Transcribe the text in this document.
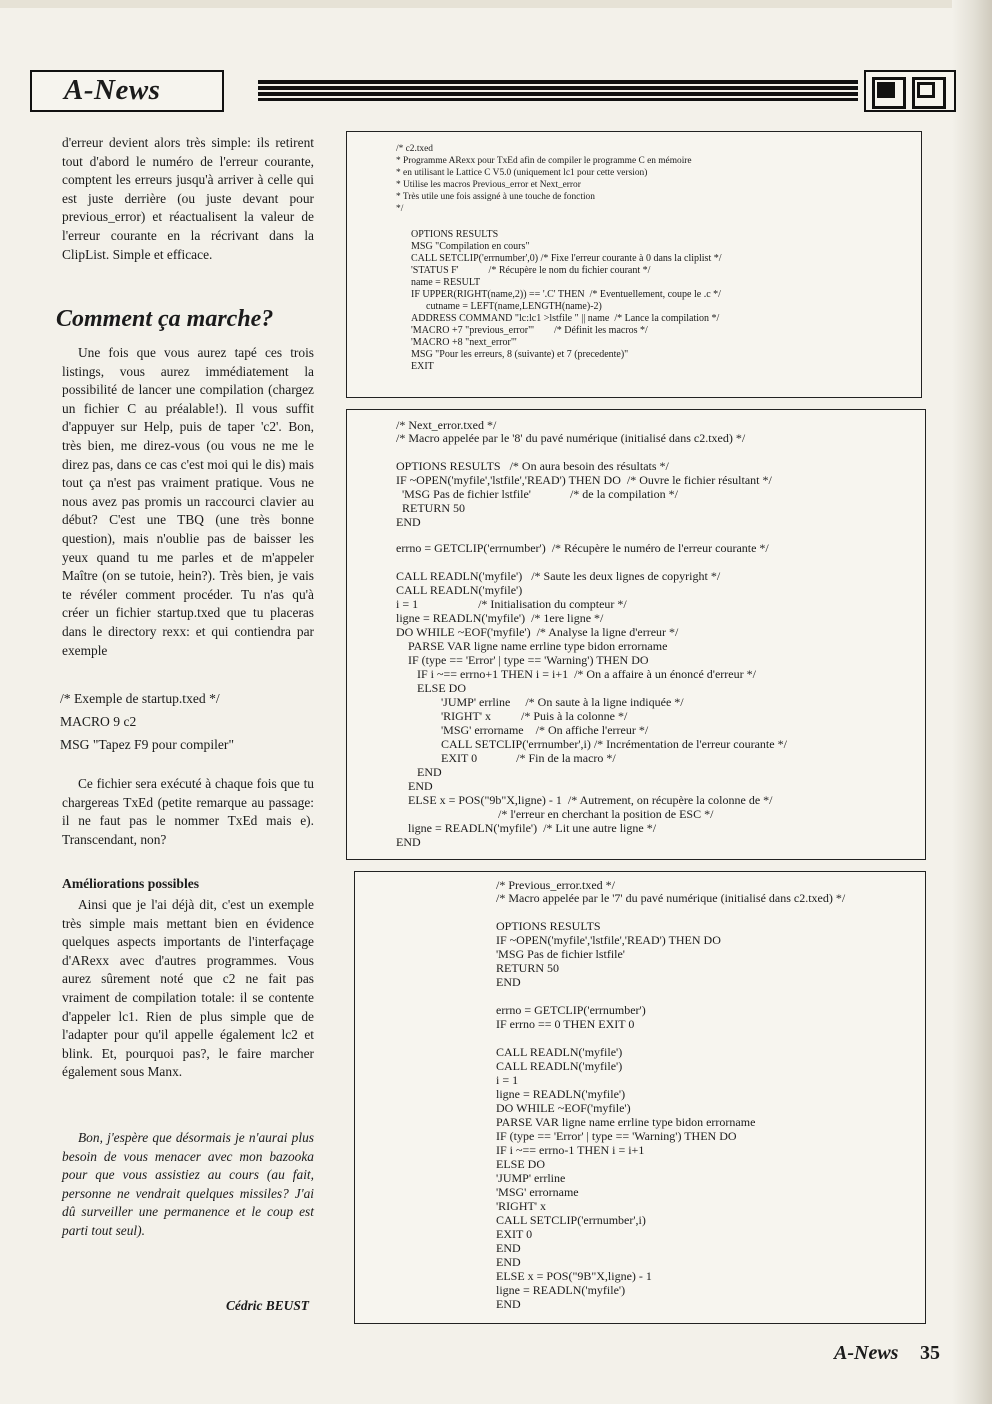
A-News

d'erreur devient alors très simple: ils retirent tout d'abord le numéro de l'erreur courante, comptent les erreurs jusqu'à arriver à celle qui est juste derrière (ou juste devant pour previous_error) et réactualisent la valeur de l'erreur courante en la récrivant dans la ClipList. Simple et efficace.

Comment ça marche?

Une fois que vous aurez tapé ces trois listings, vous aurez immédiatement la possibilité de lancer une compilation (chargez un fichier C au préalable!). Il vous suffit d'appuyer sur Help, puis de taper 'c2'. Bon, très bien, me direz-vous (ou vous ne me le direz pas, dans ce cas c'est moi qui le dis) mais tout ça n'est pas vraiment pratique. Vous ne nous avez pas promis un raccourci clavier au début? C'est une TBQ (une très bonne question), mais n'oublie pas de baisser les yeux quand tu me parles et de m'appeler Maître (on se tutoie, hein?). Très bien, je vais te révéler comment procéder. Tu n'as qu'à créer un fichier startup.txed que tu placeras dans le directory rexx: et qui contiendra par exemple

/* Exemple de startup.txed */
MACRO 9 c2
MSG "Tapez F9 pour compiler"

Ce fichier sera exécuté à chaque fois que tu chargereas TxEd (petite remarque au passage: il ne faut pas le nommer TxEd mais e). Transcendant, non?

Améliorations possibles

Ainsi que je l'ai déjà dit, c'est un exemple très simple mais mettant bien en évidence quelques aspects importants de l'interfaçage d'ARexx avec d'autres programmes. Vous aurez sûrement noté que c2 ne fait pas vraiment de compilation totale: il se contente d'appeler lc1. Rien de plus simple que de l'adapter pour qu'il appelle également lc2 et blink. Et, pourquoi pas?, le faire marcher également sous Manx.

Bon, j'espère que désormais je n'aurai plus besoin de vous menacer avec mon bazooka pour que vous assistiez au cours (au fait, personne ne vendrait quelques missiles? J'ai dû surveiller une permanence et le coup est parti tout seul).

Cédric BEUST
/* c2.txed
* Programme ARexx pour TxEd afin de compiler le programme C en mémoire
* en utilisant le Lattice C V5.0 (uniquement lc1 pour cette version)
* Utilise les macros Previous_error et Next_error
* Très utile une fois assigné à une touche de fonction
*/
OPTIONS RESULTS
MSG "Compilation en cours"
CALL SETCLIP('errnumber',0) /* Fixe l'erreur courante à 0 dans la cliplist */
'STATUS F'            /* Récupère le nom du fichier courant */
name = RESULT
IF UPPER(RIGHT(name,2)) == '.C' THEN  /* Eventuellement, coupe le .c */
cutname = LEFT(name,LENGTH(name)-2)
ADDRESS COMMAND "lc:lc1 >lstfile " || name  /* Lance la compilation */
'MACRO +7 "previous_error"'        /* Définit les macros */
'MACRO +8 "next_error"'
MSG "Pour les erreurs, 8 (suivante) et 7 (precedente)"
EXIT
/* Next_error.txed */
/* Macro appelée par le '8' du pavé numérique (initialisé dans c2.txed) */
OPTIONS RESULTS   /* On aura besoin des résultats */
IF ~OPEN('myfile','lstfile','READ') THEN DO  /* Ouvre le fichier résultant */
'MSG Pas de fichier lstfile'             /* de la compilation */
RETURN 50
END
errno = GETCLIP('errnumber')  /* Récupère le numéro de l'erreur courante */
CALL READLN('myfile')   /* Saute les deux lignes de copyright */
CALL READLN('myfile')
i = 1                    /* Initialisation du compteur */
ligne = READLN('myfile')  /* 1ere ligne */
DO WHILE ~EOF('myfile')  /* Analyse la ligne d'erreur */
PARSE VAR ligne name errline type bidon errorname
IF (type == 'Error' | type == 'Warning') THEN DO
IF i ~== errno+1 THEN i = i+1  /* On a affaire à un énoncé d'erreur */
ELSE DO
'JUMP' errline     /* On saute à la ligne indiquée */
'RIGHT' x          /* Puis à la colonne */
'MSG' errorname    /* On affiche l'erreur */
CALL SETCLIP('errnumber',i) /* Incrémentation de l'erreur courante */
EXIT 0             /* Fin de la macro */
END
END
ELSE x = POS("9b"X,ligne) - 1  /* Autrement, on récupère la colonne de */
/* l'erreur en cherchant la position de ESC */
ligne = READLN('myfile')  /* Lit une autre ligne */
END
/* Previous_error.txed */
/* Macro appelée par le '7' du pavé numérique (initialisé dans c2.txed) */
OPTIONS RESULTS
IF ~OPEN('myfile','lstfile','READ') THEN DO
'MSG Pas de fichier lstfile'
RETURN 50
END
errno = GETCLIP('errnumber')
IF errno == 0 THEN EXIT 0
CALL READLN('myfile')
CALL READLN('myfile')
i = 1
ligne = READLN('myfile')
DO WHILE ~EOF('myfile')
PARSE VAR ligne name errline type bidon errorname
IF (type == 'Error' | type == 'Warning') THEN DO
IF i ~== errno-1 THEN i = i+1
ELSE DO
'JUMP' errline
'MSG' errorname
'RIGHT' x
CALL SETCLIP('errnumber',i)
EXIT 0
END
END
ELSE x = POS("9B"X,ligne) - 1
ligne = READLN('myfile')
END
A-News 35
